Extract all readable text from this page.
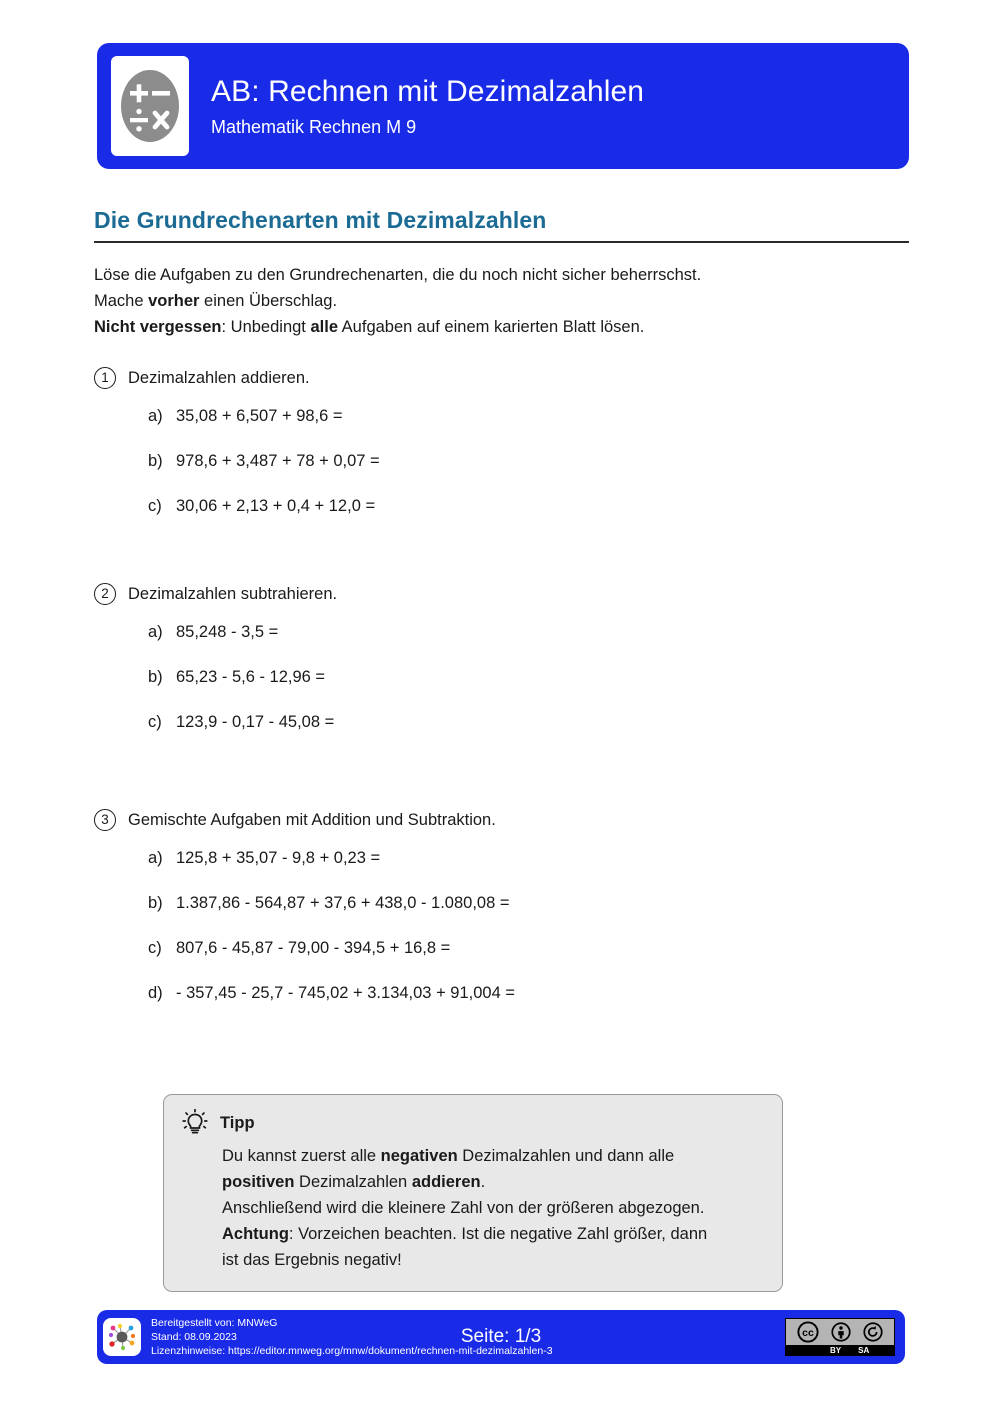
AB: Rechnen mit Dezimalzahlen
Mathematik Rechnen M 9
Die Grundrechenarten mit Dezimalzahlen
Löse die Aufgaben zu den Grundrechenarten, die du noch nicht sicher beherrschst.
Mache vorher einen Überschlag.
Nicht vergessen: Unbedingt alle Aufgaben auf einem karierten Blatt lösen.
1	Dezimalzahlen addieren.
a) 35,08 + 6,507 + 98,6 =
b) 978,6 + 3,487 + 78 + 0,07 =
c) 30,06 + 2,13 + 0,4 + 12,0 =
2	Dezimalzahlen subtrahieren.
a) 85,248 - 3,5 =
b) 65,23 - 5,6 - 12,96 =
c) 123,9 - 0,17 - 45,08 =
3	Gemischte Aufgaben mit Addition und Subtraktion.
a) 125,8 + 35,07 - 9,8 + 0,23 =
b) 1.387,86 - 564,87 + 37,6 + 438,0 - 1.080,08 =
c) 807,6 - 45,87 - 79,00 - 394,5 + 16,8 =
d) - 357,45 - 25,7 - 745,02 + 3.134,03 + 91,004 =
Tipp
Du kannst zuerst alle negativen Dezimalzahlen und dann alle
positiven Dezimalzahlen addieren.
Anschließend wird die kleinere Zahl von der größeren abgezogen.
Achtung: Vorzeichen beachten. Ist die negative Zahl größer, dann
ist das Ergebnis negativ!
Bereitgestellt von: MNWeG
Stand: 08.09.2023
Lizenzhinweise: https://editor.mnweg.org/mnw/dokument/rechnen-mit-dezimalzahlen-3
Seite: 1/3	cc
BY SA
